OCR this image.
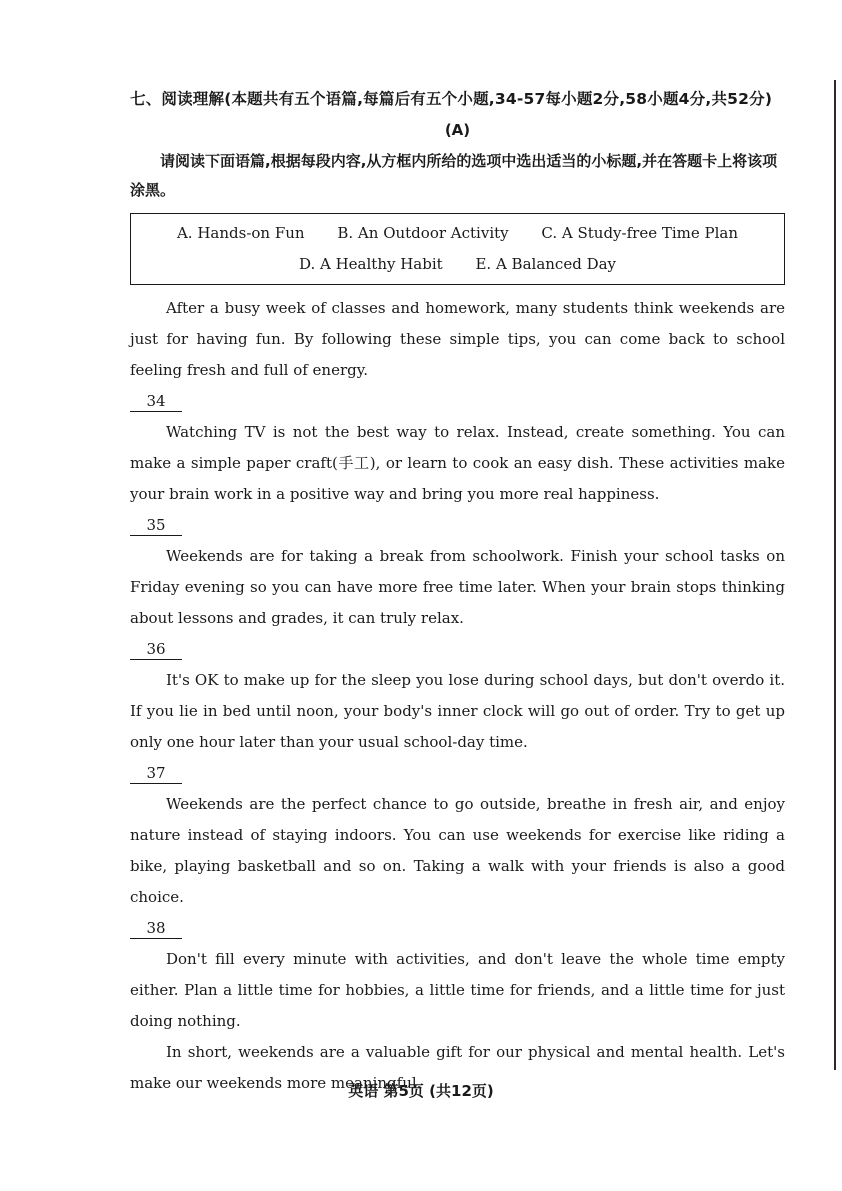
七、阅读理解(本题共有五个语篇,每篇后有五个小题,34-57每小题2分,58小题4分,共52分)

(A)

请阅读下面语篇,根据每段内容,从方框内所给的选项中选出适当的小标题,并在答题卡上将该项涂黑。

A. Hands-on Fun B. An Outdoor Activity C. A Study-free Time Plan
D. A Healthy Habit E. A Balanced Day

After a busy week of classes and homework, many students think weekends are just for having fun. By following these simple tips, you can come back to school feeling fresh and full of energy.

34

Watching TV is not the best way to relax. Instead, create something. You can make a simple paper craft(手工), or learn to cook an easy dish. These activities make your brain work in a positive way and bring you more real happiness.

35

Weekends are for taking a break from schoolwork. Finish your school tasks on Friday evening so you can have more free time later. When your brain stops thinking about lessons and grades, it can truly relax.

36

It's OK to make up for the sleep you lose during school days, but don't overdo it. If you lie in bed until noon, your body's inner clock will go out of order. Try to get up only one hour later than your usual school-day time.

37

Weekends are the perfect chance to go outside, breathe in fresh air, and enjoy nature instead of staying indoors. You can use weekends for exercise like riding a bike, playing basketball and so on. Taking a walk with your friends is also a good choice.

38

Don't fill every minute with activities, and don't leave the whole time empty either. Plan a little time for hobbies, a little time for friends, and a little time for just doing nothing.

In short, weekends are a valuable gift for our physical and mental health. Let's make our weekends more meaningful.

英语 第5页 (共12页)
